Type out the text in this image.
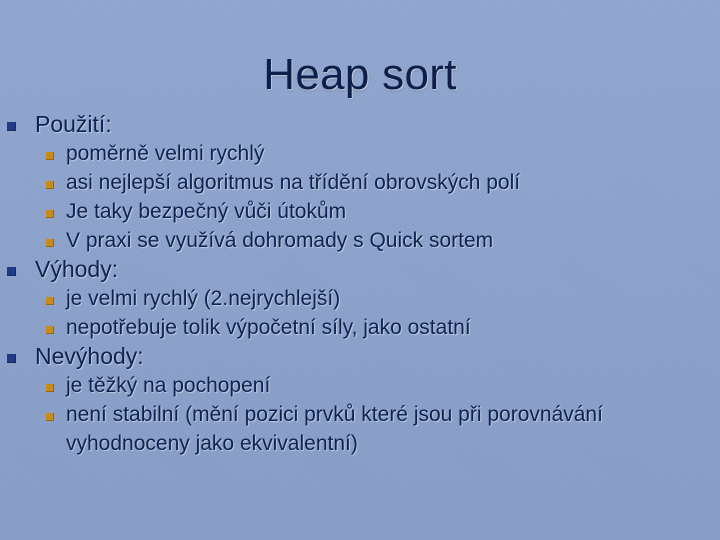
Heap sort
Použití:
poměrně velmi rychlý
asi nejlepší algoritmus na třídění obrovských polí
Je taky bezpečný vůči útokům
V praxi se využívá dohromady s Quick sortem
Výhody:
je velmi rychlý (2.nejrychlejší)
nepotřebuje tolik výpočetní síly, jako ostatní
Nevýhody:
je těžký na pochopení
není stabilní (mění pozici prvků které jsou při porovnávání vyhodnoceny jako ekvivalentní)
